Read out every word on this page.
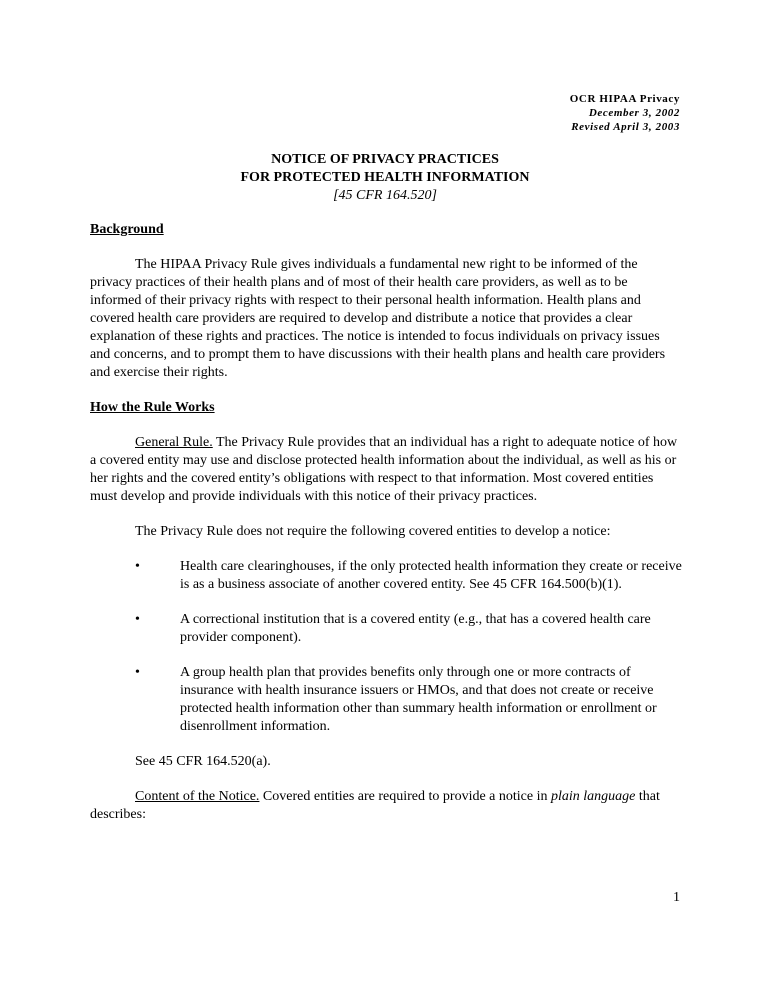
OCR HIPAA Privacy
December 3, 2002
Revised April 3, 2003
NOTICE OF PRIVACY PRACTICES
FOR PROTECTED HEALTH INFORMATION
[45 CFR 164.520]

Background

The HIPAA Privacy Rule gives individuals a fundamental new right to be informed of the privacy practices of their health plans and of most of their health care providers, as well as to be informed of their privacy rights with respect to their personal health information. Health plans and covered health care providers are required to develop and distribute a notice that provides a clear explanation of these rights and practices. The notice is intended to focus individuals on privacy issues and concerns, and to prompt them to have discussions with their health plans and health care providers and exercise their rights.

How the Rule Works

General Rule. The Privacy Rule provides that an individual has a right to adequate notice of how a covered entity may use and disclose protected health information about the individual, as well as his or her rights and the covered entity’s obligations with respect to that information. Most covered entities must develop and provide individuals with this notice of their privacy practices.

The Privacy Rule does not require the following covered entities to develop a notice:

•	Health care clearinghouses, if the only protected health information they create or receive is as a business associate of another covered entity. See 45 CFR 164.500(b)(1).
•	A correctional institution that is a covered entity (e.g., that has a covered health care provider component).
•	A group health plan that provides benefits only through one or more contracts of insurance with health insurance issuers or HMOs, and that does not create or receive protected health information other than summary health information or enrollment or disenrollment information.

See 45 CFR 164.520(a).

Content of the Notice. Covered entities are required to provide a notice in plain language that describes:

1
